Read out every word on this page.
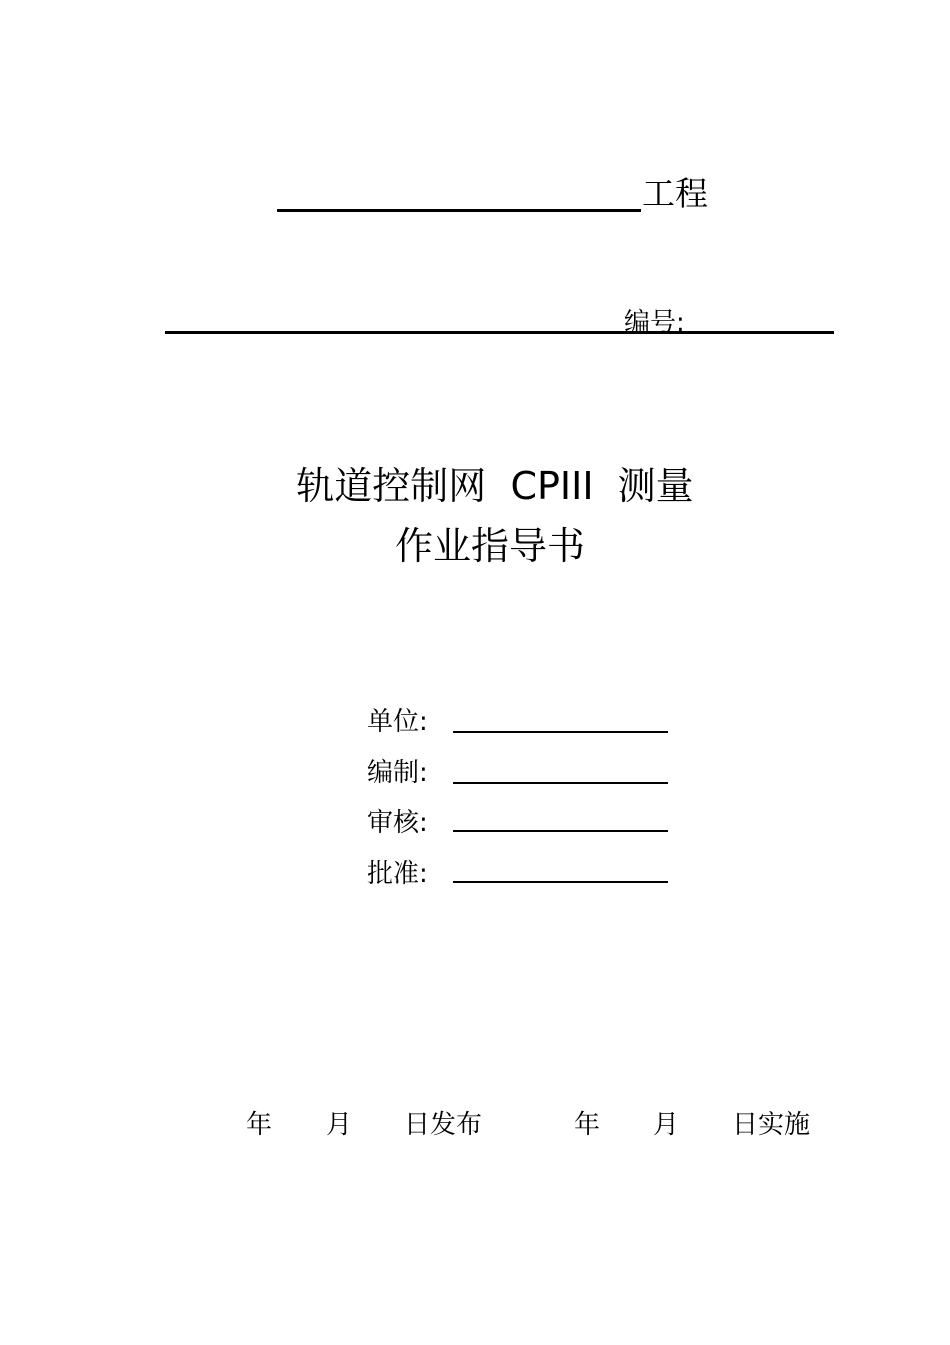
工程
编号:
轨道控制网  CPIII  测量
作业指导书
单位:
编制:
审核:
批准:
年 月 日发布	年 月 日实施
